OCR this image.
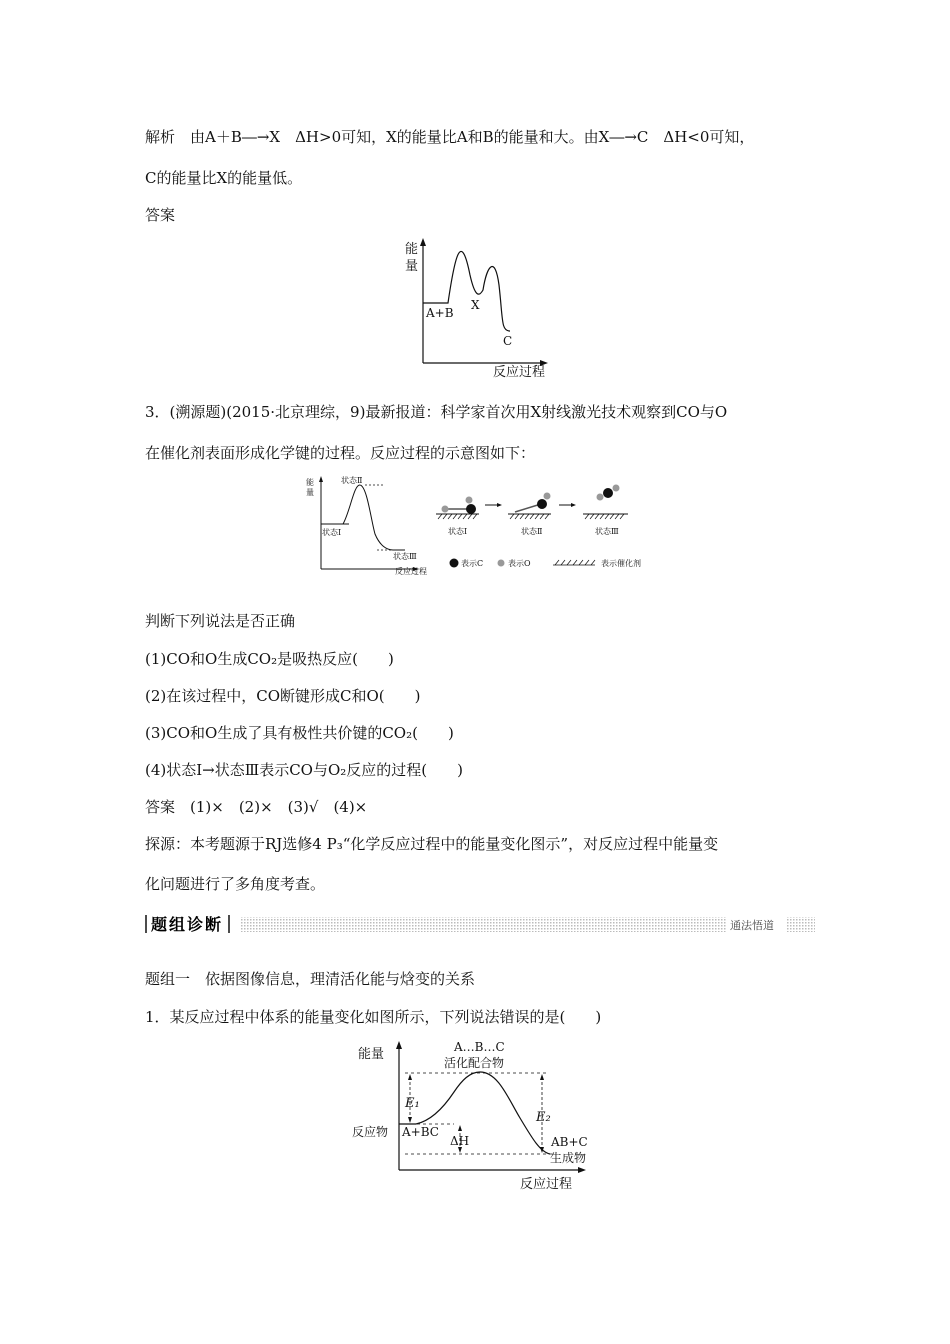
解析　由A＋B―→X　ΔH>0可知，X的能量比A和B的能量和大。由X―→C　ΔH<0可知，
C的能量比X的能量低。
答案
能
量
A+B
X
C
反应过程
3．(溯源题)(2015·北京理综，9)最新报道：科学家首次用X射线激光技术观察到CO与O
在催化剂表面形成化学键的过程。反应过程的示意图如下：
能
量
状态Ⅱ
状态Ⅰ
状态Ⅲ
反应过程
状态Ⅰ	状态Ⅱ	状态Ⅲ
表示C	表示O	表示催化剂
判断下列说法是否正确
(1)CO和O生成CO₂是吸热反应(　　)
(2)在该过程中，CO断键形成C和O(　　)
(3)CO和O生成了具有极性共价键的CO₂(　　)
(4)状态Ⅰ→状态Ⅲ表示CO与O₂反应的过程(　　)
答案　(1)×　(2)×　(3)√　(4)×
探源：本考题源于RJ选修4 P₃“化学反应过程中的能量变化图示”，对反应过程中能量变
化问题进行了多角度考查。
题组诊断	通法悟道
题组一　依据图像信息，理清活化能与焓变的关系
1．某反应过程中体系的能量变化如图所示，下列说法错误的是(　　)
E₁
E₂
ΔH
能量	A…B…C
活化配合物
反应物 A+BC
AB+C
生成物
反应过程
